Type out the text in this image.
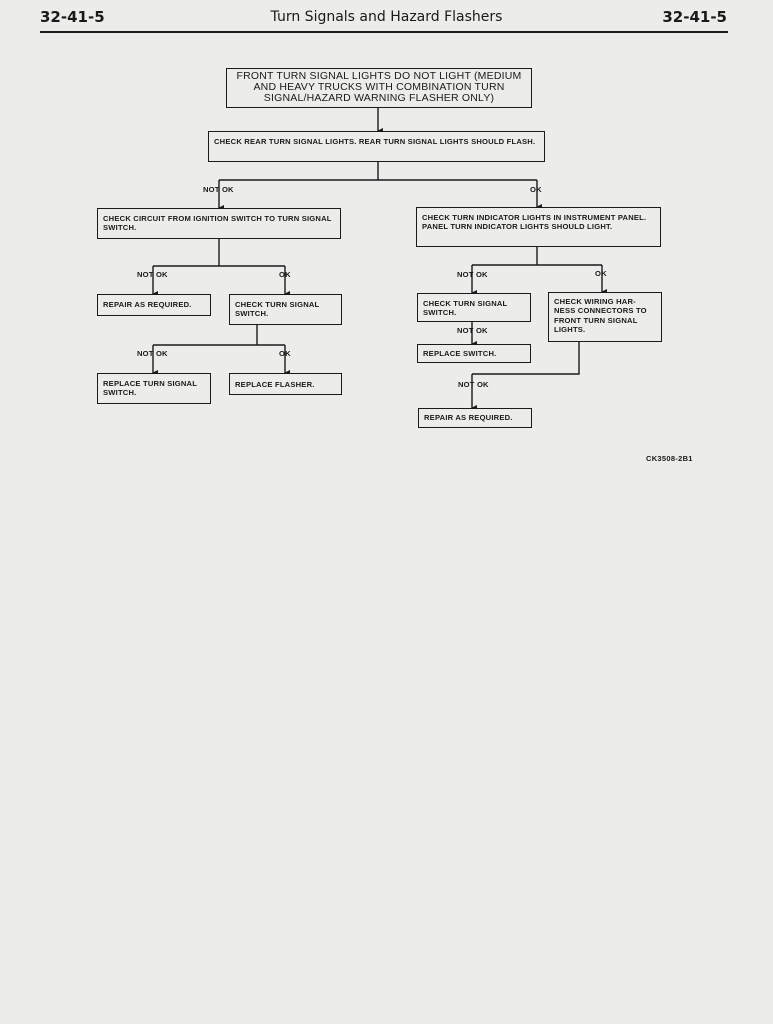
32-41-5	Turn Signals and Hazard Flashers	32-41-5
FRONT TURN SIGNAL LIGHTS DO NOT LIGHT (MEDIUM AND HEAVY TRUCKS WITH COMBINATION TURN SIGNAL/HAZARD WARNING FLASHER ONLY)
CHECK REAR TURN SIGNAL LIGHTS. REAR TURN SIGNAL LIGHTS SHOULD FLASH.
NOT OK	OK
CHECK CIRCUIT FROM IGNITION SWITCH TO TURN SIGNAL SWITCH.
CHECK TURN INDICATOR LIGHTS IN INSTRUMENT PANEL. PANEL TURN INDICATOR LIGHTS SHOULD LIGHT.
NOT OK	OK	NOT OK	OK
REPAIR AS REQUIRED.	CHECK TURN SIGNAL SWITCH.
CHECK TURN SIGNAL SWITCH.
CHECK WIRING HAR- NESS CONNECTORS TO FRONT TURN SIGNAL LIGHTS.
NOT OK
REPLACE SWITCH.
NOT OK	OK
REPLACE TURN SIGNAL SWITCH.
REPLACE FLASHER.	NOT OK
REPAIR AS REQUIRED.
CK3508-2B1
